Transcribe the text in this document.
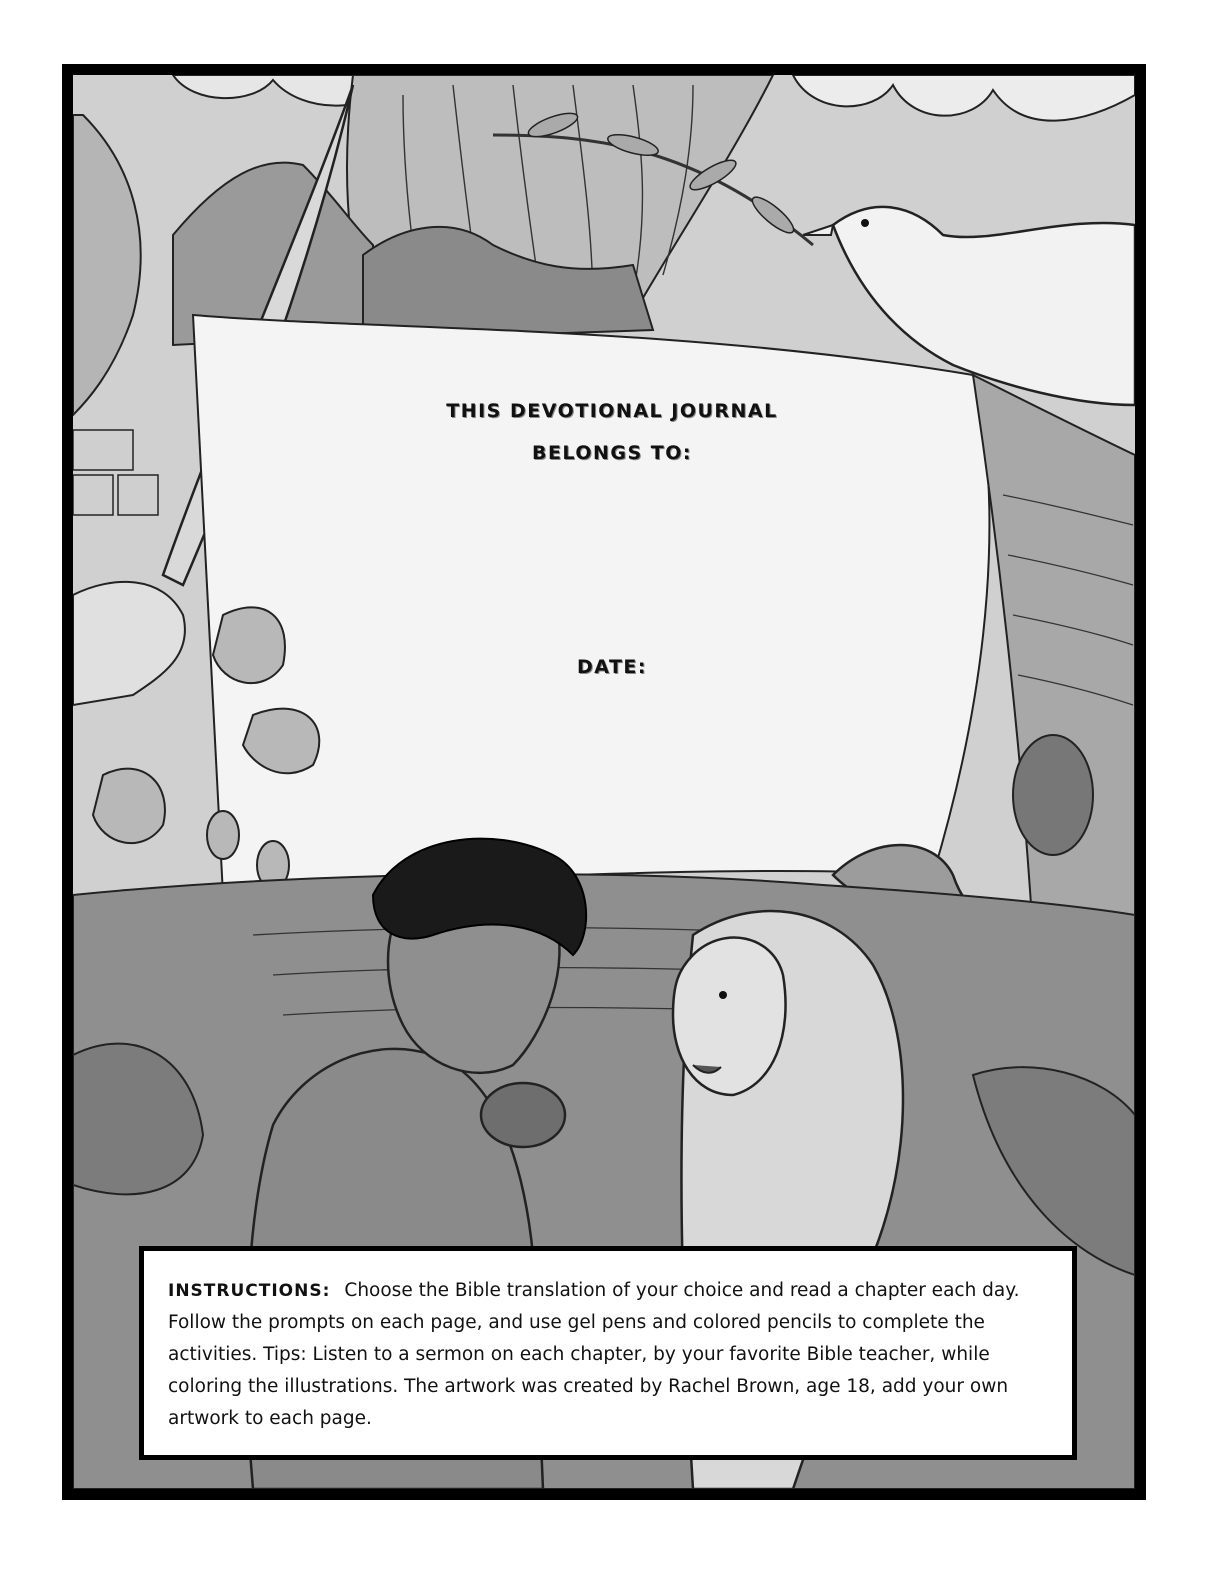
THIS DEVOTIONAL JOURNAL
BELONGS TO:
DATE:
INSTRUCTIONS: Choose the Bible translation of your choice and read a chapter each day. Follow the prompts on each page, and use gel pens and colored pencils to complete the activities. Tips: Listen to a sermon on each chapter, by your favorite Bible teacher, while coloring the illustrations. The artwork was created by Rachel Brown, age 18, add your own artwork to each page.
